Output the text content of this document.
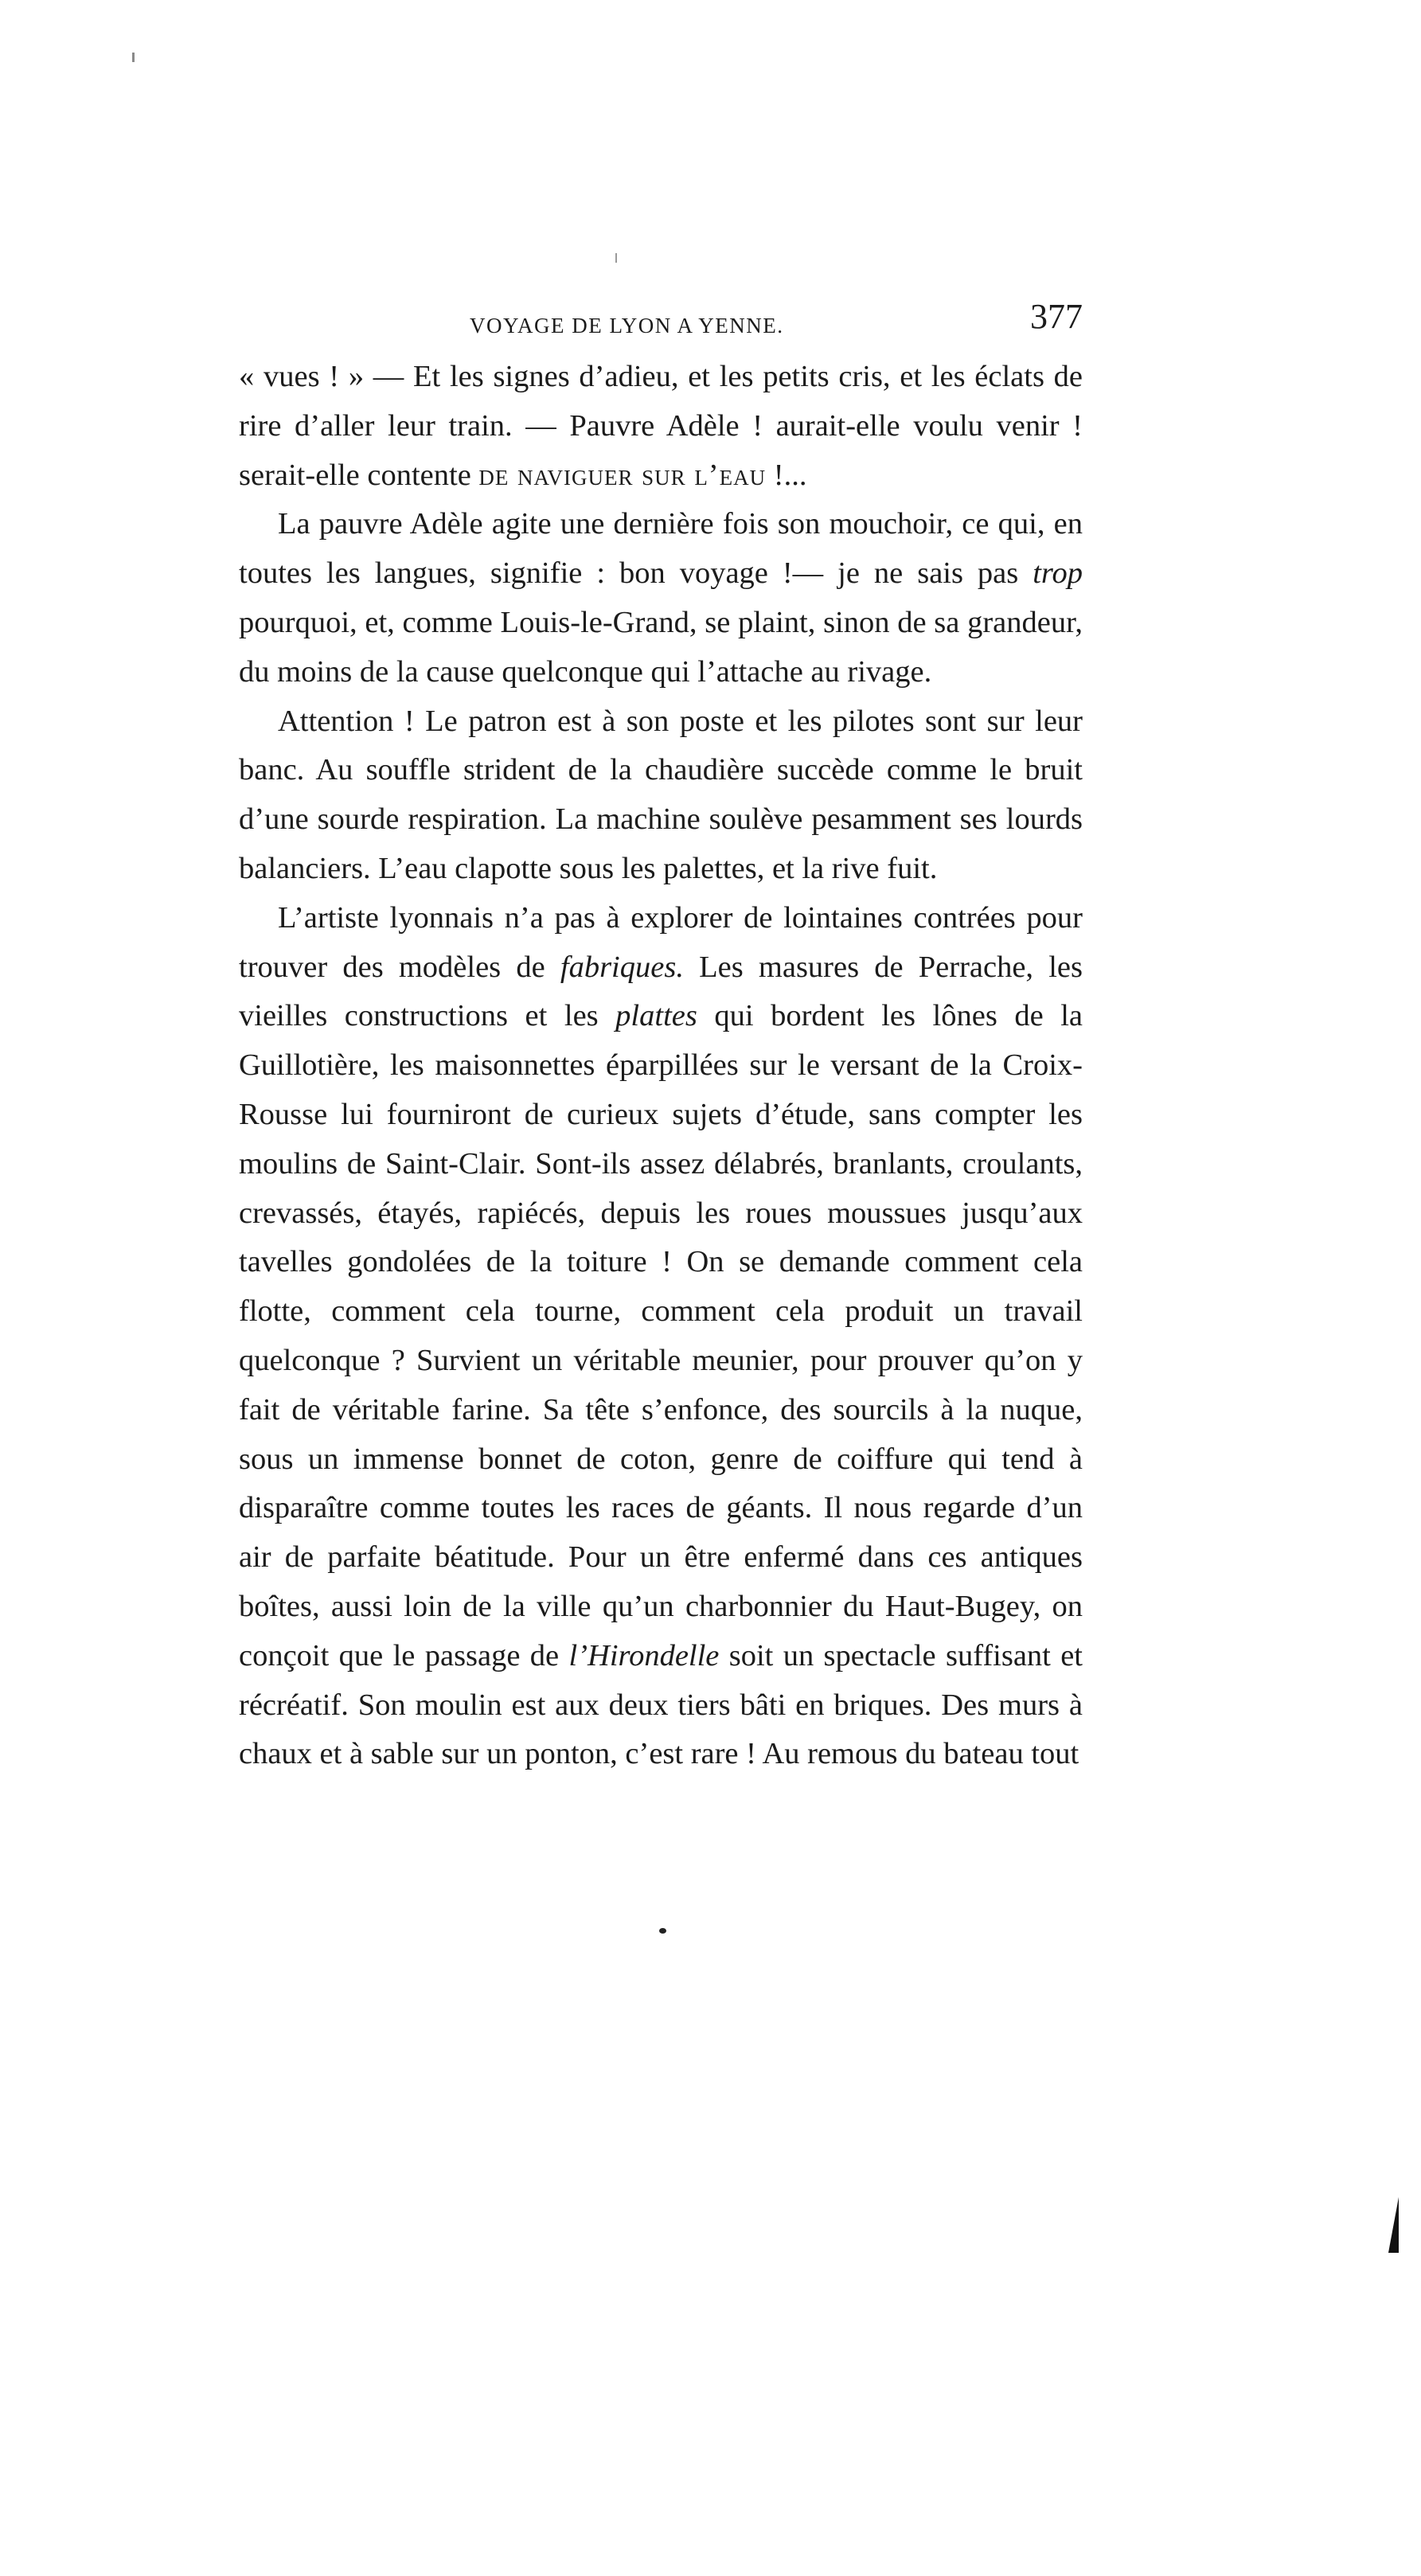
VOYAGE DE LYON A YENNE.	377

« vues ! » — Et les signes d’adieu, et les petits cris, et les éclats de rire d’aller leur train. — Pauvre Adèle ! aurait-elle voulu venir ! serait-elle contente de naviguer sur l’eau !...

La pauvre Adèle agite une dernière fois son mouchoir, ce qui, en toutes les langues, signifie : bon voyage !— je ne sais pas trop pourquoi, et, comme Louis-le-Grand, se plaint, sinon de sa grandeur, du moins de la cause quelconque qui l’attache au rivage.

Attention ! Le patron est à son poste et les pilotes sont sur leur banc. Au souffle strident de la chaudière succède comme le bruit d’une sourde respiration. La machine soulève pesamment ses lourds balanciers. L’eau clapotte sous les palettes, et la rive fuit.

L’artiste lyonnais n’a pas à explorer de lointaines contrées pour trouver des modèles de fabriques. Les masures de Perrache, les vieilles constructions et les plattes qui bordent les lônes de la Guillotière, les maisonnettes éparpillées sur le versant de la Croix-Rousse lui fourniront de curieux sujets d’étude, sans compter les moulins de Saint-Clair. Sont-ils assez délabrés, branlants, croulants, crevassés, étayés, rapiécés, depuis les roues moussues jusqu’aux tavelles gondolées de la toiture ! On se demande comment cela flotte, comment cela tourne, comment cela produit un travail quelconque ? Survient un véritable meunier, pour prouver qu’on y fait de véritable farine. Sa tête s’enfonce, des sourcils à la nuque, sous un immense bonnet de coton, genre de coiffure qui tend à disparaître comme toutes les races de géants. Il nous regarde d’un air de parfaite béatitude. Pour un être enfermé dans ces antiques boîtes, aussi loin de la ville qu’un charbonnier du Haut-Bugey, on conçoit que le passage de l’Hirondelle soit un spectacle suffisant et récréatif. Son moulin est aux deux tiers bâti en briques. Des murs à chaux et à sable sur un ponton, c’est rare ! Au remous du bateau tout
